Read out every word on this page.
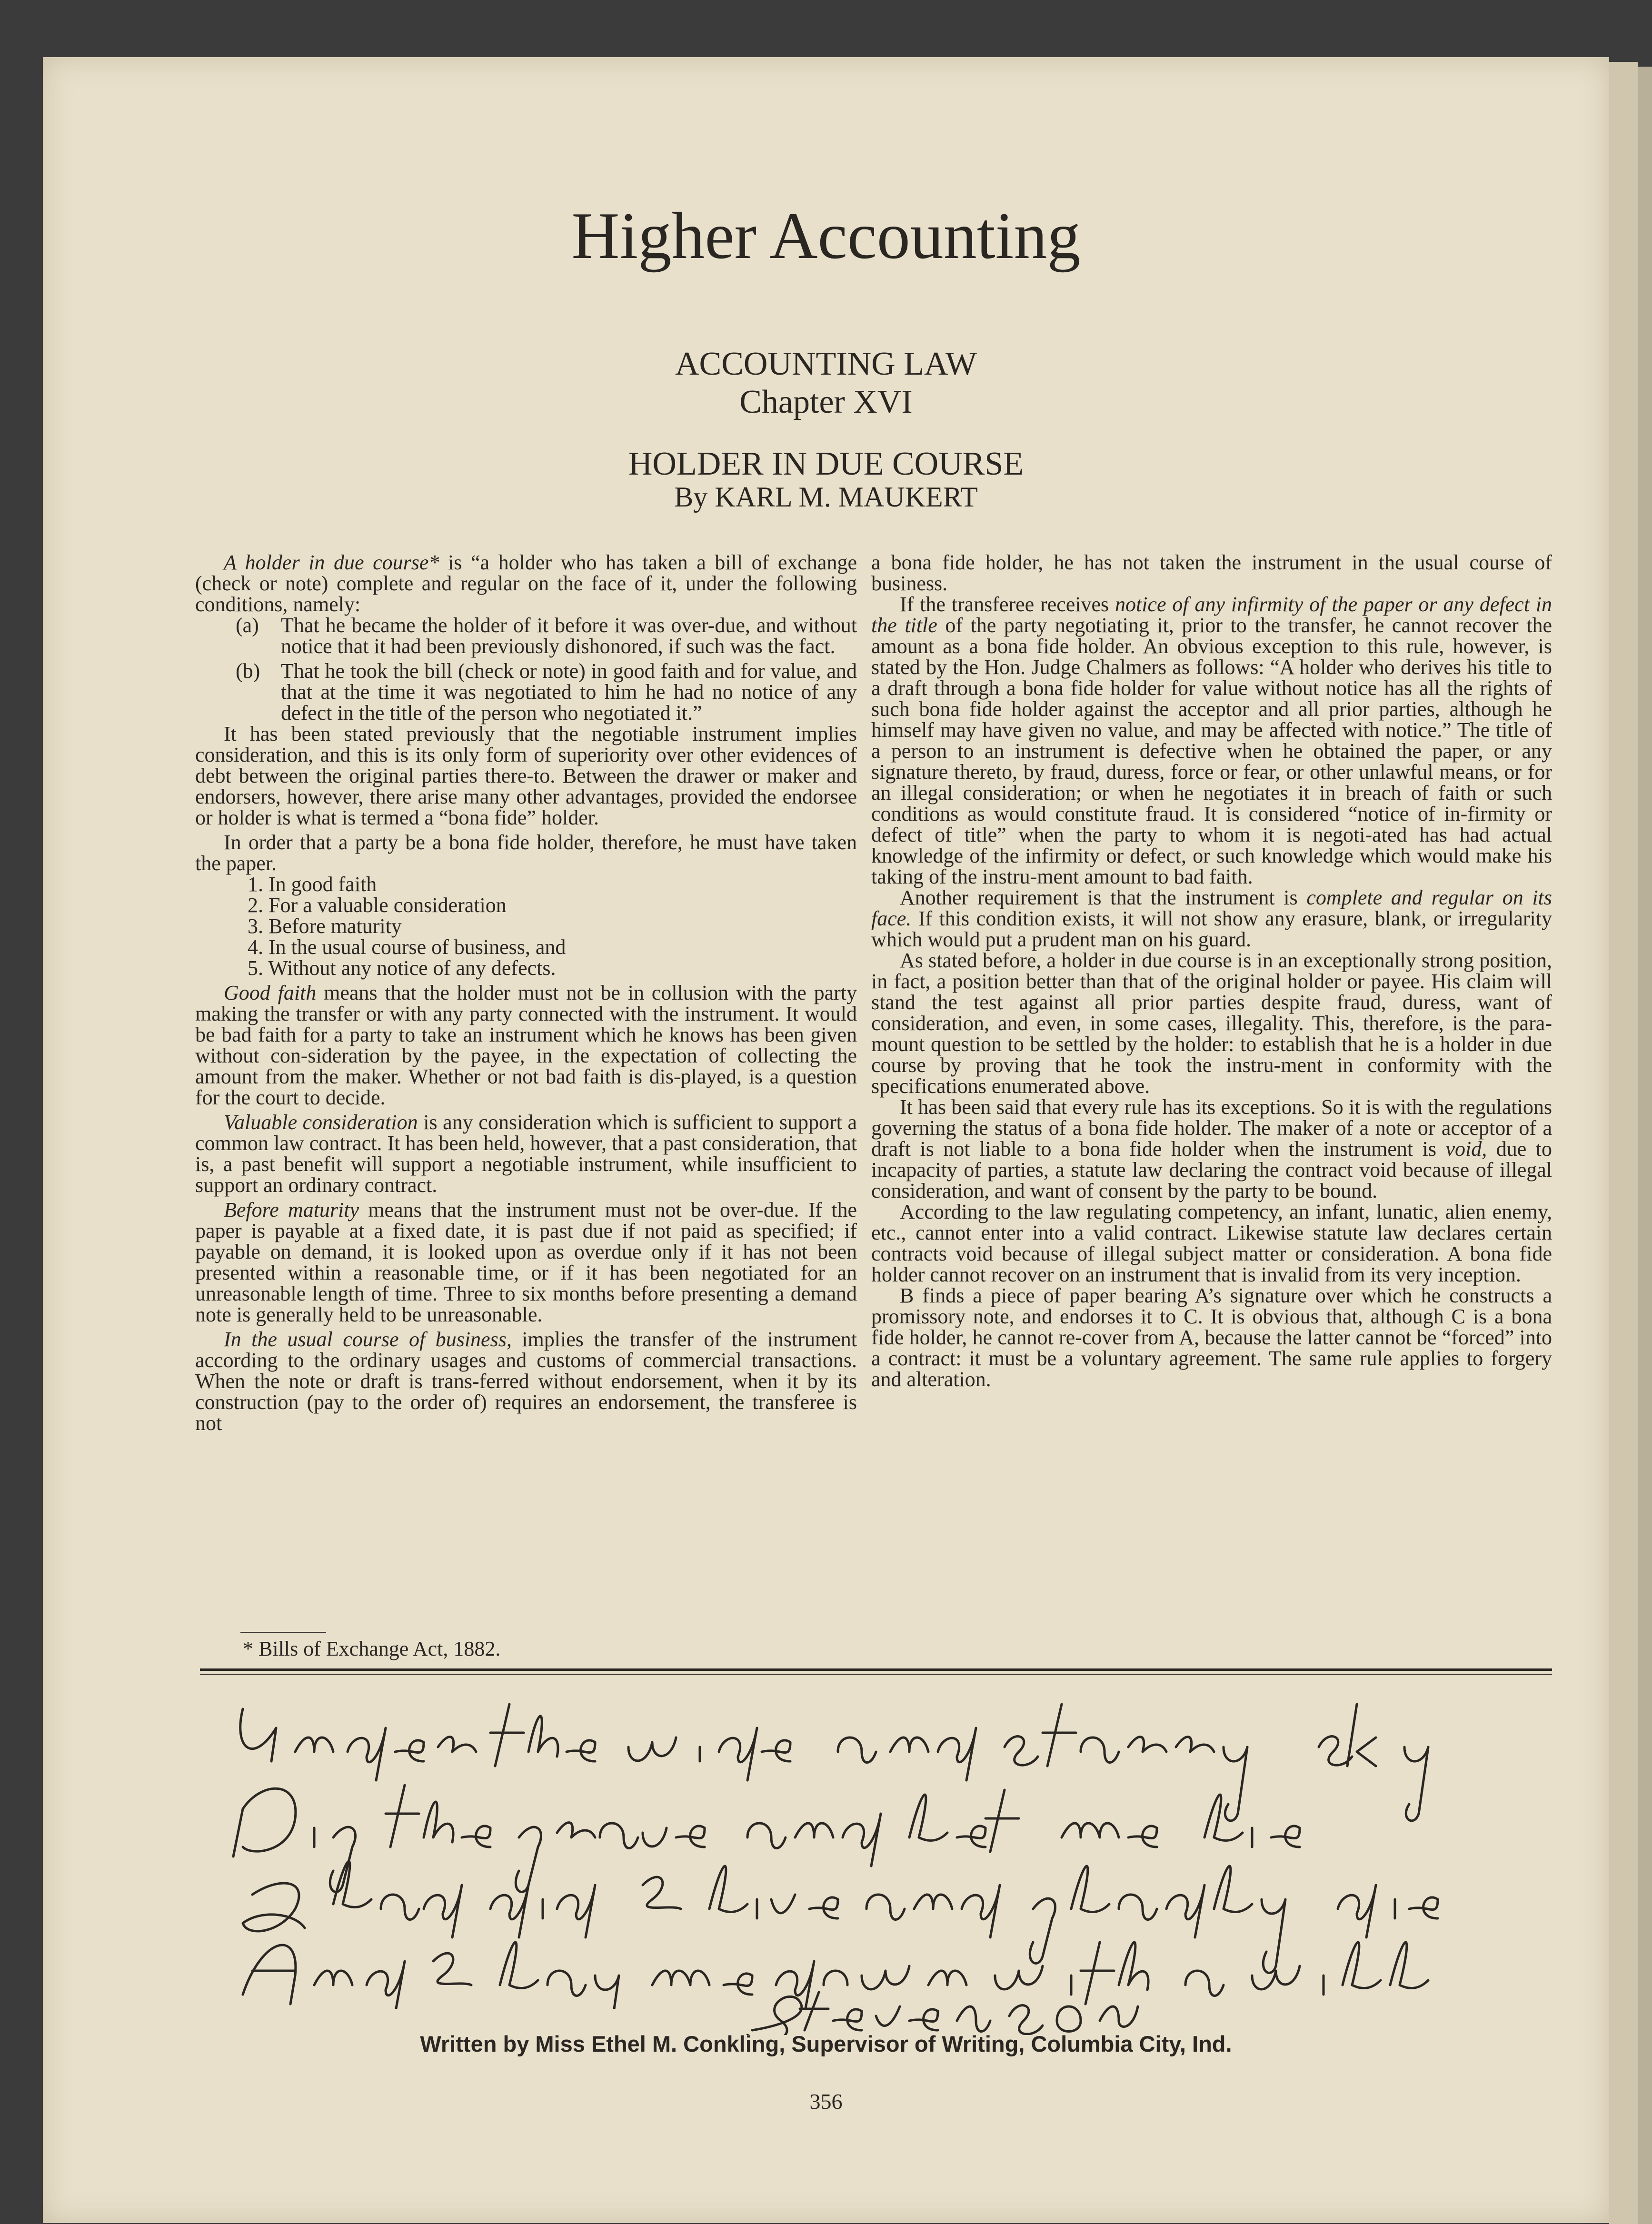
Higher Accounting
ACCOUNTING LAW
Chapter XVI
HOLDER IN DUE COURSE
By KARL M. MAUKERT

A holder in due course* is “a holder who has taken a bill of exchange (check or note) complete and regular on the face of it, under the following conditions, namely:

(a) That he became the holder of it before it was over-due, and without notice that it had been previously dishonored, if such was the fact.

(b) That he took the bill (check or note) in good faith and for value, and that at the time it was negotiated to him he had no notice of any defect in the title of the person who negotiated it.”

It has been stated previously that the negotiable instrument implies consideration, and this is its only form of superiority over other evidences of debt between the original parties there-to. Between the drawer or maker and endorsers, however, there arise many other advantages, provided the endorsee or holder is what is termed a “bona fide” holder.

In order that a party be a bona fide holder, therefore, he must have taken the paper.

1. In good faith
2. For a valuable consideration
3. Before maturity
4. In the usual course of business, and
5. Without any notice of any defects.

Good faith means that the holder must not be in collusion with the party making the transfer or with any party connected with the instrument. It would be bad faith for a party to take an instrument which he knows has been given without con-sideration by the payee, in the expectation of collecting the amount from the maker. Whether or not bad faith is dis-played, is a question for the court to decide.

Valuable consideration is any consideration which is sufficient to support a common law contract. It has been held, however, that a past consideration, that is, a past benefit will support a negotiable instrument, while insufficient to support an ordinary contract.

Before maturity means that the instrument must not be over-due. If the paper is payable at a fixed date, it is past due if not paid as specified; if payable on demand, it is looked upon as overdue only if it has not been presented within a reasonable time, or if it has been negotiated for an unreasonable length of time. Three to six months before presenting a demand note is generally held to be unreasonable.

In the usual course of business, implies the transfer of the instrument according to the ordinary usages and customs of commercial transactions. When the note or draft is trans-ferred without endorsement, when it by its construction (pay to the order of) requires an endorsement, the transferee is not

* Bills of Exchange Act, 1882.

a bona fide holder, he has not taken the instrument in the usual course of business.

If the transferee receives notice of any infirmity of the paper or any defect in the title of the party negotiating it, prior to the transfer, he cannot recover the amount as a bona fide holder. An obvious exception to this rule, however, is stated by the Hon. Judge Chalmers as follows: “A holder who derives his title to a draft through a bona fide holder for value without notice has all the rights of such bona fide holder against the acceptor and all prior parties, although he himself may have given no value, and may be affected with notice.” The title of a person to an instrument is defective when he obtained the paper, or any signature thereto, by fraud, duress, force or fear, or other unlawful means, or for an illegal consideration; or when he negotiates it in breach of faith or such conditions as would constitute fraud. It is considered “notice of in-firmity or defect of title” when the party to whom it is negoti-ated has had actual knowledge of the infirmity or defect, or such knowledge which would make his taking of the instru-ment amount to bad faith.

Another requirement is that the instrument is complete and regular on its face. If this condition exists, it will not show any erasure, blank, or irregularity which would put a prudent man on his guard.

As stated before, a holder in due course is in an exceptionally strong position, in fact, a position better than that of the original holder or payee. His claim will stand the test against all prior parties despite fraud, duress, want of consideration, and even, in some cases, illegality. This, therefore, is the para-mount question to be settled by the holder: to establish that he is a holder in due course by proving that he took the instru-ment in conformity with the specifications enumerated above.

It has been said that every rule has its exceptions. So it is with the regulations governing the status of a bona fide holder. The maker of a note or acceptor of a draft is not liable to a bona fide holder when the instrument is void, due to incapacity of parties, a statute law declaring the contract void because of illegal consideration, and want of consent by the party to be bound.

According to the law regulating competency, an infant, lunatic, alien enemy, etc., cannot enter into a valid contract. Likewise statute law declares certain contracts void because of illegal subject matter or consideration. A bona fide holder cannot recover on an instrument that is invalid from its very inception.

B finds a piece of paper bearing A’s signature over which he constructs a promissory note, and endorses it to C. It is obvious that, although C is a bona fide holder, he cannot re-cover from A, because the latter cannot be “forced” into a contract: it must be a voluntary agreement. The same rule applies to forgery and alteration.

Written by Miss Ethel M. Conkling, Supervisor of Writing, Columbia City, Ind.
356
